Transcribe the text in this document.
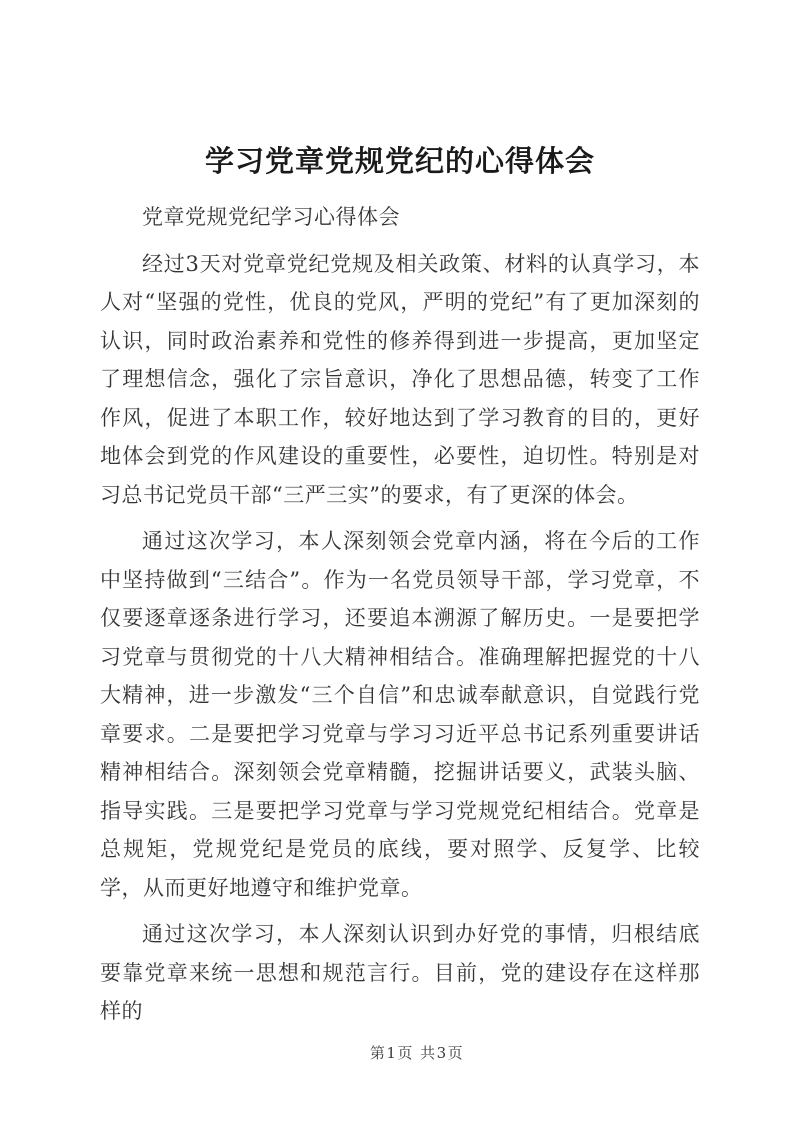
学习党章党规党纪的心得体会

党章党规党纪学习心得体会

经过3天对党章党纪党规及相关政策、材料的认真学习，本人对“坚强的党性，优良的党风，严明的党纪”有了更加深刻的认识，同时政治素养和党性的修养得到进一步提高，更加坚定了理想信念，强化了宗旨意识，净化了思想品德，转变了工作作风，促进了本职工作，较好地达到了学习教育的目的，更好地体会到党的作风建设的重要性，必要性，迫切性。特别是对习总书记党员干部“三严三实”的要求，有了更深的体会。

通过这次学习，本人深刻领会党章内涵，将在今后的工作中坚持做到“三结合”。作为一名党员领导干部，学习党章，不仅要逐章逐条进行学习，还要追本溯源了解历史。一是要把学习党章与贯彻党的十八大精神相结合。准确理解把握党的十八大精神，进一步激发“三个自信”和忠诚奉献意识，自觉践行党章要求。二是要把学习党章与学习习近平总书记系列重要讲话精神相结合。深刻领会党章精髓，挖掘讲话要义，武装头脑、指导实践。三是要把学习党章与学习党规党纪相结合。党章是总规矩，党规党纪是党员的底线，要对照学、反复学、比较学，从而更好地遵守和维护党章。

通过这次学习，本人深刻认识到办好党的事情，归根结底要靠党章来统一思想和规范言行。目前，党的建设存在这样那样的

第1页 共3页
